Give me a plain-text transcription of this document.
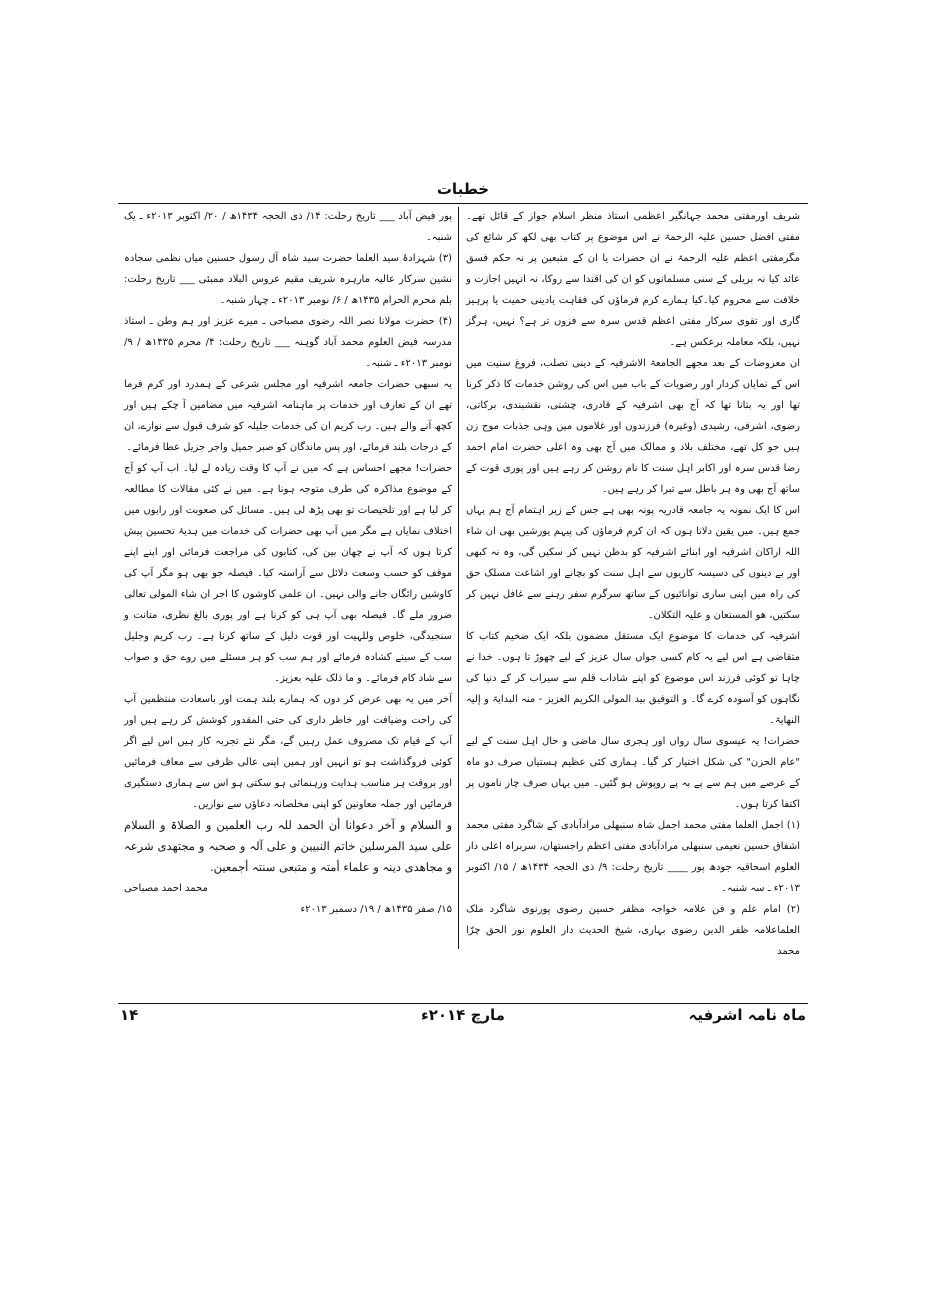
خطبات

شریف اورمفتی محمد جہانگیر اعظمی استاذ منظر اسلام جواز کے قائل تھے۔مفتی افضل حسین علیہ الرحمۃ نے اس موضوع پر کتاب بھی لکھ کر شائع کی مگرمفتی اعظم علیہ الرحمۃ نے ان حضرات یا ان کے متبعین پر نہ حکم فسق عائد کیا نہ بریلی کے سنی مسلمانوں کو ان کی اقتدا سے روکا، نہ انہیں اجازت و خلافت سے محروم کیا۔کیا ہمارے کرم فرماؤں کی فقاہت یادینی حمیت یا پرہیز گاری اور تقوی سرکار مفتی اعظم قدس سرہ سے فزوں تر ہے؟ نہیں، ہرگز نہیں، بلکہ معاملہ برعکس ہے۔

ان معروضات کے بعد مجھے الجامعۃ الاشرفیہ کے دینی تصلب، فروغ سنیت میں اس کے نمایاں کردار اور رضویات کے باب میں اس کی روشن خدمات کا ذکر کرنا تھا اور یہ بتانا تھا کہ آج بھی اشرفیہ کے قادری، چشتی، نقشبندی، برکاتی، رضوی، اشرفی، رشیدی (وغیرہ) فرزندوں اور غلاموں میں وہی جذبات موج زن ہیں جو کل تھے، مختلف بلاد و ممالک میں آج بھی وہ اعلی حضرت امام احمد رضا قدس سرہ اور اکابر اہل سنت کا نام روشن کر رہے ہیں اور پوری قوت کے ساتھ آج بھی وہ ہر باطل سے تبرا کر رہے ہیں۔

اس کا ایک نمونہ یہ جامعہ قادریہ پونہ بھی ہے جس کے زیر اہتمام آج ہم یہاں جمع ہیں۔ میں یقین دلاتا ہوں کہ ان کرم فرماؤں کی پیہم یورشیں بھی ان شاء اللہ اراکان اشرفیہ اور ابنائے اشرفیہ کو بدظن نہیں کر سکیں گی، وہ نہ کبھی اور بے دینوں کی دسیسہ کاریوں سے اہل سنت کو بچانے اور اشاعت مسلک حق کی راہ میں اپنی ساری توانائیوں کے ساتھ سرگرم سفر رہنے سے غافل نہیں کر سکتیں، ھو المستعان و علیہ التکلان۔

اشرفیہ کی خدمات کا موضوع ایک مستقل مضمون بلکہ ایک ضخیم کتاب کا متقاضی ہے اس لیے یہ کام کسی جواں سال عزیز کے لیے چھوڑ تا ہوں۔ خدا نے چاہا تو کوئی فرزند اس موضوع کو اپنے شاداب قلم سے سیراب کر کے دنیا کی نگاہوں کو آسودہ کرے گا۔ و التوفیق بید المولی الکریم العزیز - منہ البدایۃ و إلیہ النھایۃ۔

حضرات! یہ عیسوی سال رواں اور ہجری سال ماضی و حال اہل سنت کے لیے "عام الحزن" کی شکل اختیار کر گیا۔ ہماری کئی عظیم ہستیاں صرف دو ماہ کے عرصے میں ہم سے پے بہ پے روپوش ہو گئیں۔ میں یہاں صرف چار ناموں پر اکتفا کرتا ہوں۔

(۱) اجمل العلما مفتی محمد اجمل شاہ سنبھلی مرادآبادی کے شاگرد مفتی محمد اشفاق حسین نعیمی سنبھلی مرادآبادی مفتی اعظم راجستھان، سربراہ اعلی دار العلوم اسحاقیہ جودھ پور ____ تاریخ رحلت: ۹/ ذی الحجہ ۱۴۳۴ھ / ۱۵/ اکتوبر ۲۰۱۳ء ـ سہ شنبہ۔

(۲) امام علم و فن علامہ خواجہ مظفر حسین رضوی پورنوی شاگرد ملک العلماعلامہ ظفر الدین رضوی بہاری، شیخ الحدیث دار العلوم نور الحق چرّا محمد

پور فیض آباد ___ تاریخ رحلت: ۱۴/ ذی الحجہ ۱۴۳۴ھ / ۲۰/ اکتوبر ۲۰۱۳ء ـ یک شنبہ۔

(۳) شہزادۂ سید العلما حضرت سید شاہ آل رسول حسنین میاں نظمی سجادہ نشین سرکار عالیہ مارہرہ شریف مقیم عروس البلاد ممبئی ___ تاریخ رحلت: بلم محرم الحرام ۱۴۳۵ھ / ۶/ نومبر ۲۰۱۳ء ـ چہار شنبہ۔

(۴) حضرت مولانا نصر اللہ رضوی مصباحی ـ میرے عزیز اور ہم وطن ـ استاذ مدرسہ فیض العلوم محمد آباد گوہنہ ___ تاریخ رحلت: ۴/ محرم ۱۴۳۵ھ / ۹/ نومبر ۲۰۱۳ء ـ شنبہ۔

یہ سبھی حضرات جامعہ اشرفیہ اور مجلس شرعی کے ہمدرد اور کرم فرما تھے ان کے تعارف اور خدمات پر ماہنامہ اشرفیہ میں مضامین آ چکے ہیں اور کچھ آنے والے ہیں۔ رب کریم ان کی خدمات جلیلہ کو شرف قبول سے نوازے، ان کے درجات بلند فرمائے، اور پس ماندگان کو صبر جمیل واجر جزیل عطا فرمائے۔

حضرات! مجھے احساس ہے کہ میں نے آپ کا وقت زیادہ لے لیا۔ اب آپ کو آج کے موضوع مذاکرہ کی طرف متوجہ ہونا ہے۔ میں نے کئی مقالات کا مطالعہ کر لیا ہے اور تلخیصات تو بھی پڑھ لی ہیں۔ مسائل کی صعوبت اور رایوں میں اختلاف نمایاں ہے مگر میں آپ بھی حضرات کی خدمات میں ہدیۂ تحسین پیش کرتا ہوں کہ آپ نے چھان بین کی، کتابوں کی مراجعت فرمائی اور اپنے اپنے موقف کو حسب وسعت دلائل سے آراستہ کیا۔ فیصلہ جو بھی ہو مگر آپ کی کاوشیں رائگاں جانے والی نہیں۔ ان علمی کاوشوں کا اجر ان شاء المولی تعالی ضرور ملے گا۔ فیصلہ بھی آپ ہی کو کرنا ہے اور پوری بالغ نظری، متانت و سنجیدگی، خلوص وللہیت اور قوت دلیل کے ساتھ کرنا ہے۔ رب کریم وجلیل سب کے سینے کشادہ فرمائے اور ہم سب کو ہر مسئلے میں روے حق و صواب سے شاد کام فرمائے۔ و ما ذلک علیہ بعزیز۔

آخر میں یہ بھی عرض کر دوں کہ ہمارے بلند ہمت اور باسعادت منتظمین آپ کی راحت وضیافت اور خاطر داری کی حتی المقدور کوشش کر رہے ہیں اور آپ کے قیام تک مصروف عمل رہیں گے، مگر نئے تجربہ کار ہیں اس لیے اگر کوئی فروگذاشت ہو تو انہیں اور ہمیں اپنی عالی ظرفی سے معاف فرمائیں اور بروقت ہر مناسب ہدایت ورہنمائی ہو سکتی ہو اس سے ہماری دستگیری فرمائیں اور جملہ معاونین کو اپنی مخلصانہ دعاؤں سے نوازیں۔

و السلام و آخر دعوانا أن الحمد للہ رب العلمین و الصلاۃ و السلام علی سید المرسلین خاتم النبیین و علی آلہ و صحبہ و مجتھدی شرعہ و مجاھدی دینہ و علماء أمتہ و متبعی سنتہ أجمعین.

محمد احمد مصباحی

۱۵/ صفر ۱۴۳۵ھ / ۱۹/ دسمبر ۲۰۱۳ء

ماہ نامہ اشرفیہ
مارچ ۲۰۱۴ء
۱۴
